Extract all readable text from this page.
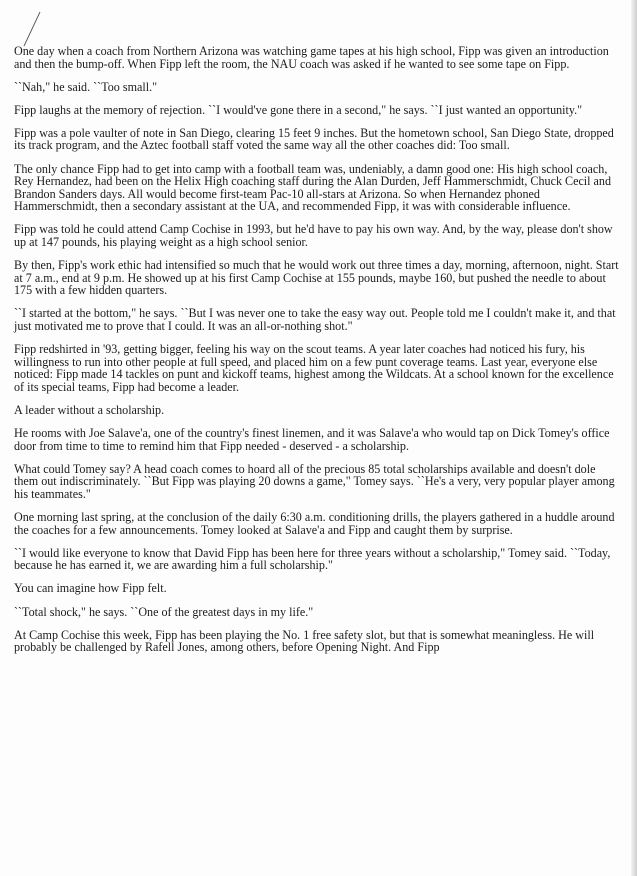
One day when a coach from Northern Arizona was watching game tapes at his high school, Fipp was given an introduction and then the bump-off. When Fipp left the room, the NAU coach was asked if he wanted to see some tape on Fipp.

``Nah," he said. ``Too small."

Fipp laughs at the memory of rejection. ``I would've gone there in a second," he says. ``I just wanted an opportunity."

Fipp was a pole vaulter of note in San Diego, clearing 15 feet 9 inches. But the hometown school, San Diego State, dropped its track program, and the Aztec football staff voted the same way all the other coaches did: Too small.

The only chance Fipp had to get into camp with a football team was, undeniably, a damn good one: His high school coach, Rey Hernandez, had been on the Helix High coaching staff during the Alan Durden, Jeff Hammerschmidt, Chuck Cecil and Brandon Sanders days. All would become first-team Pac-10 all-stars at Arizona. So when Hernandez phoned Hammerschmidt, then a secondary assistant at the UA, and recommended Fipp, it was with considerable influence.

Fipp was told he could attend Camp Cochise in 1993, but he'd have to pay his own way. And, by the way, please don't show up at 147 pounds, his playing weight as a high school senior.

By then, Fipp's work ethic had intensified so much that he would work out three times a day, morning, afternoon, night. Start at 7 a.m., end at 9 p.m. He showed up at his first Camp Cochise at 155 pounds, maybe 160, but pushed the needle to about 175 with a few hidden quarters.

``I started at the bottom," he says. ``But I was never one to take the easy way out. People told me I couldn't make it, and that just motivated me to prove that I could. It was an all-or-nothing shot."

Fipp redshirted in '93, getting bigger, feeling his way on the scout teams. A year later coaches had noticed his fury, his willingness to run into other people at full speed, and placed him on a few punt coverage teams. Last year, everyone else noticed: Fipp made 14 tackles on punt and kickoff teams, highest among the Wildcats. At a school known for the excellence of its special teams, Fipp had become a leader.

A leader without a scholarship.

He rooms with Joe Salave'a, one of the country's finest linemen, and it was Salave'a who would tap on Dick Tomey's office door from time to time to remind him that Fipp needed - deserved - a scholarship.

What could Tomey say? A head coach comes to hoard all of the precious 85 total scholarships available and doesn't dole them out indiscriminately. ``But Fipp was playing 20 downs a game," Tomey says. ``He's a very, very popular player among his teammates."

One morning last spring, at the conclusion of the daily 6:30 a.m. conditioning drills, the players gathered in a huddle around the coaches for a few announcements. Tomey looked at Salave'a and Fipp and caught them by surprise.

``I would like everyone to know that David Fipp has been here for three years without a scholarship," Tomey said. ``Today, because he has earned it, we are awarding him a full scholarship."

You can imagine how Fipp felt.

``Total shock," he says. ``One of the greatest days in my life."

At Camp Cochise this week, Fipp has been playing the No. 1 free safety slot, but that is somewhat meaningless. He will probably be challenged by Rafell Jones, among others, before Opening Night. And Fipp
